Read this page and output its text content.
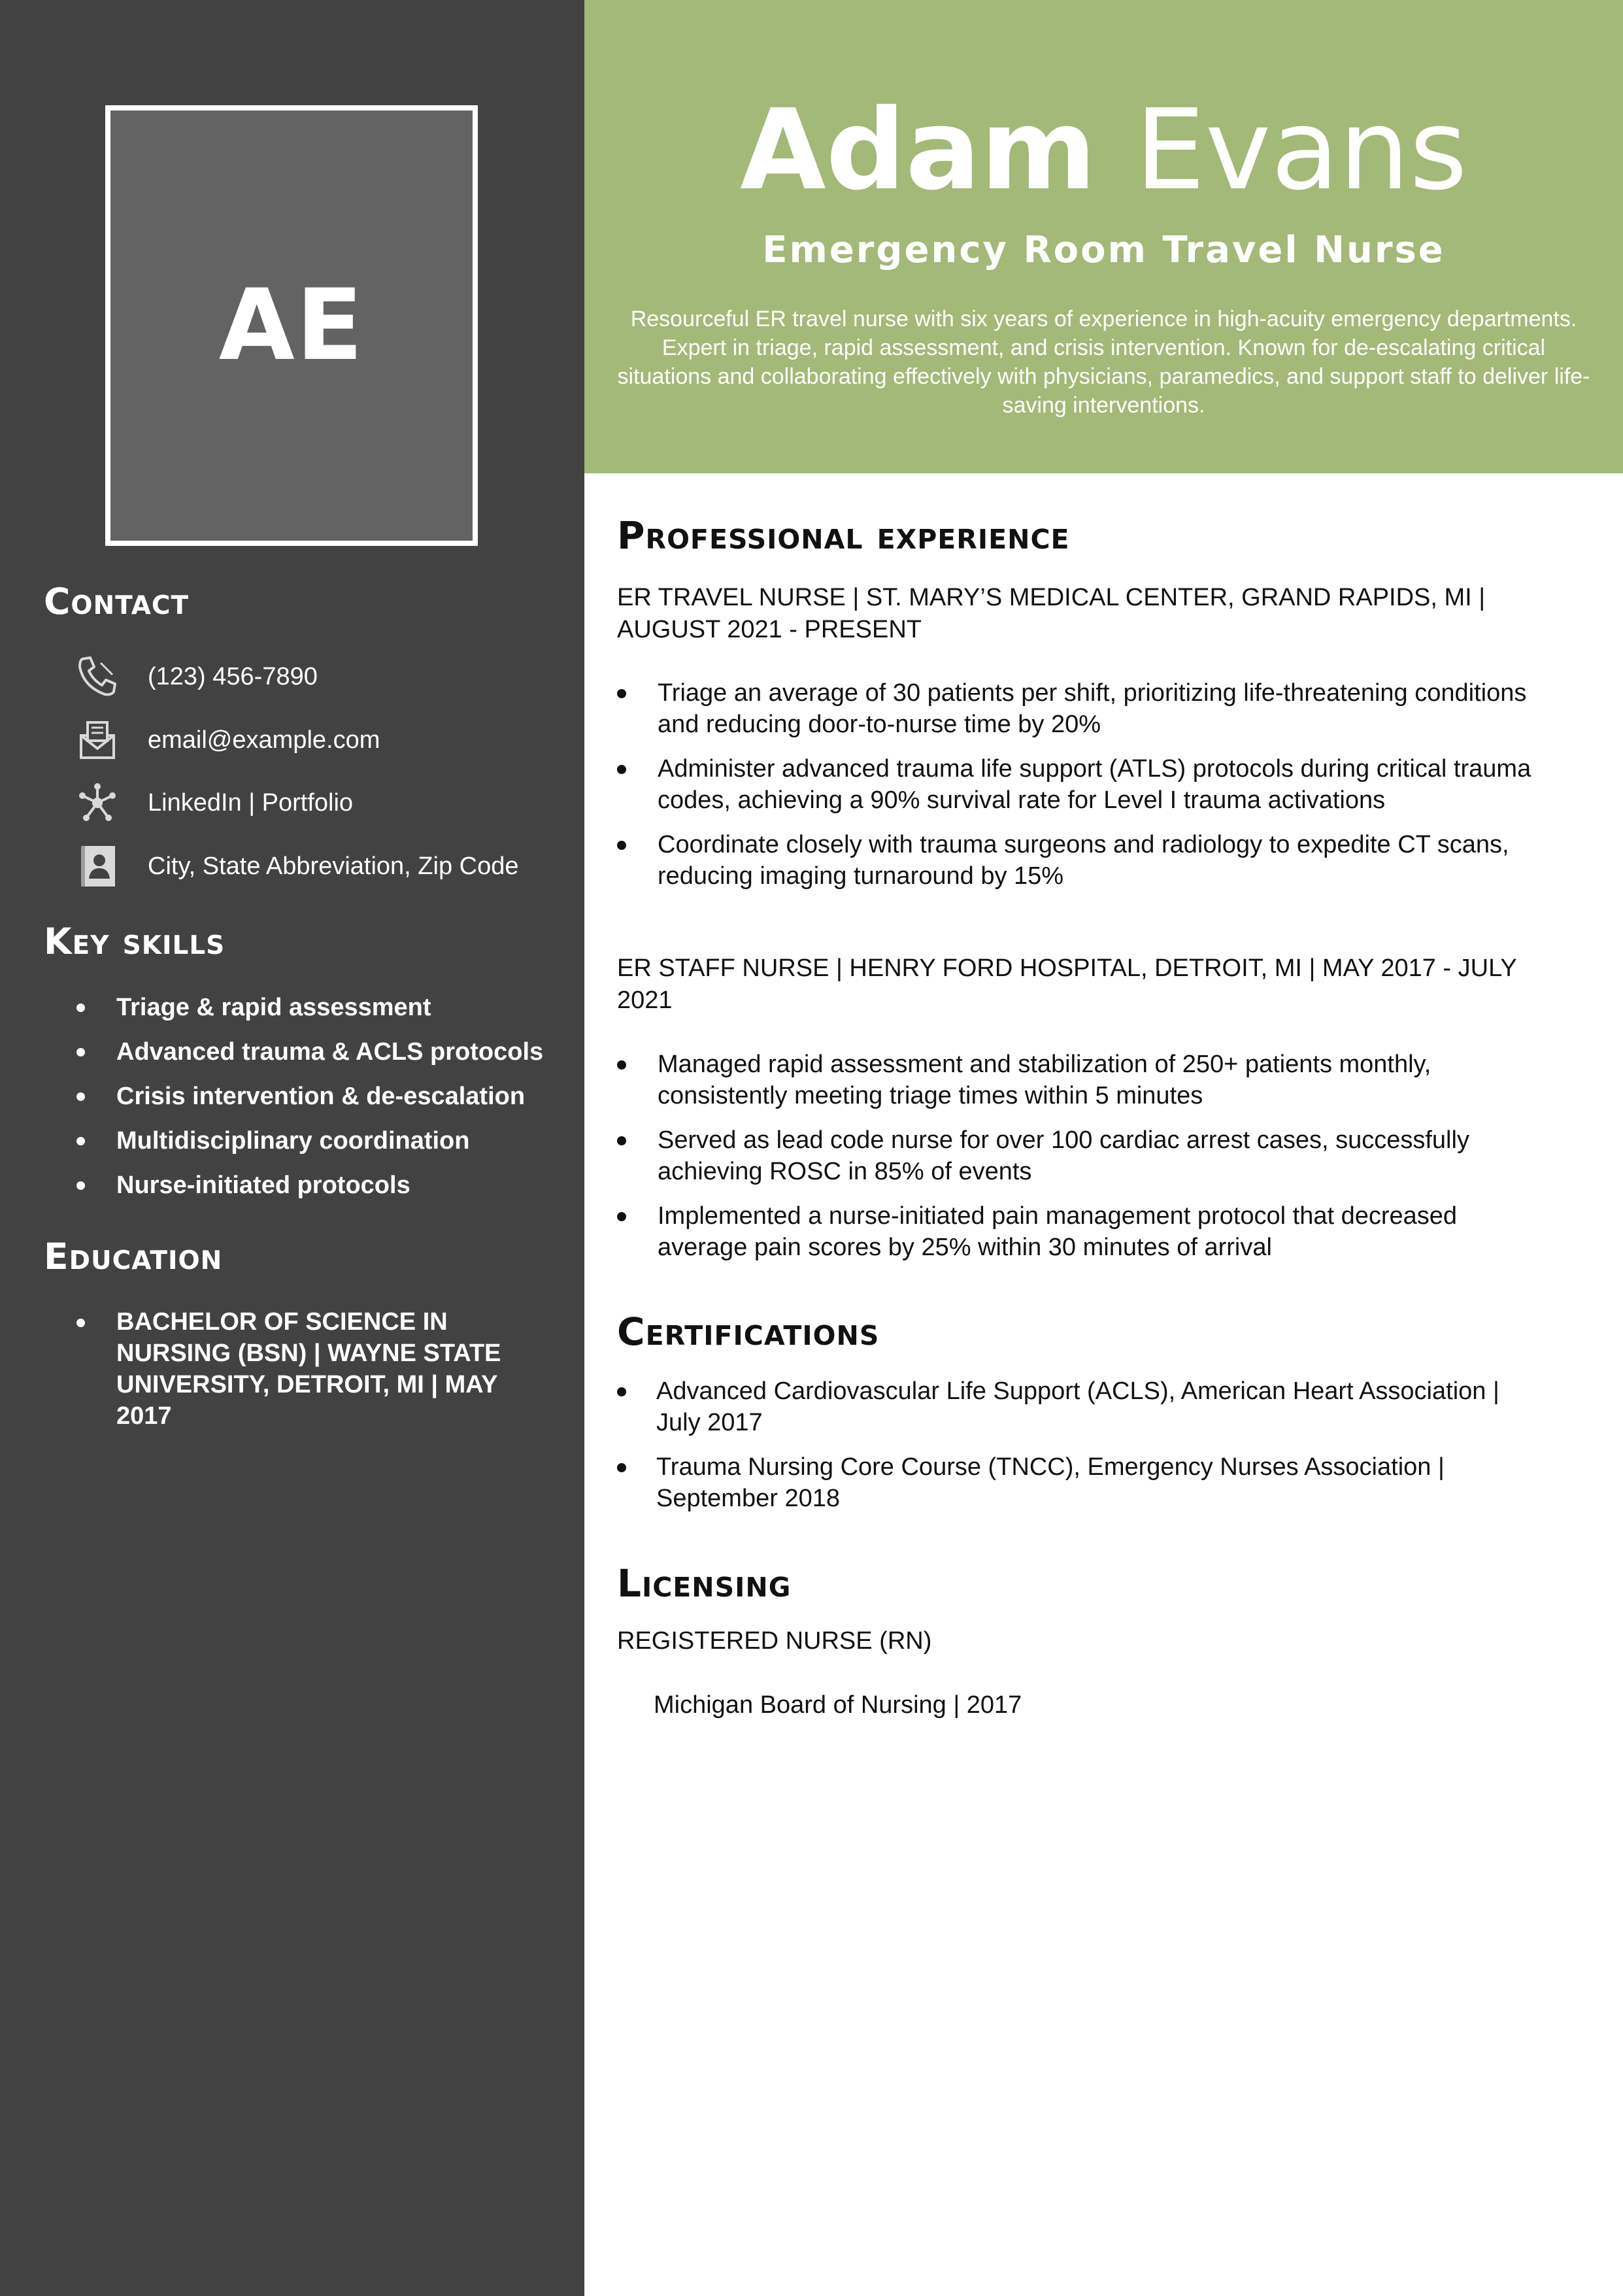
AE
Contact
(123) 456-7890
email@example.com
LinkedIn | Portfolio
City, State Abbreviation, Zip Code
Key skills
Triage & rapid assessment
Advanced trauma & ACLS protocols
Crisis intervention & de-escalation
Multidisciplinary coordination
Nurse-initiated protocols
Education
BACHELOR OF SCIENCE IN NURSING (BSN) | WAYNE STATE UNIVERSITY, DETROIT, MI | MAY 2017
Adam Evans
Emergency Room Travel Nurse

Resourceful ER travel nurse with six years of experience in high-acuity emergency departments. Expert in triage, rapid assessment, and crisis intervention. Known for de-escalating critical situations and collaborating effectively with physicians, paramedics, and support staff to deliver life-saving interventions.

Professional experience

ER TRAVEL NURSE | ST. MARY’S MEDICAL CENTER, GRAND RAPIDS, MI | AUGUST 2021 - PRESENT

Triage an average of 30 patients per shift, prioritizing life-threatening conditions and reducing door-to-nurse time by 20%
Administer advanced trauma life support (ATLS) protocols during critical trauma codes, achieving a 90% survival rate for Level I trauma activations
Coordinate closely with trauma surgeons and radiology to expedite CT scans, reducing imaging turnaround by 15%

ER STAFF NURSE | HENRY FORD HOSPITAL, DETROIT, MI | MAY 2017 - JULY 2021

Managed rapid assessment and stabilization of 250+ patients monthly, consistently meeting triage times within 5 minutes
Served as lead code nurse for over 100 cardiac arrest cases, successfully achieving ROSC in 85% of events
Implemented a nurse-initiated pain management protocol that decreased average pain scores by 25% within 30 minutes of arrival
Certifications
Advanced Cardiovascular Life Support (ACLS), American Heart Association | July 2017
Trauma Nursing Core Course (TNCC), Emergency Nurses Association | September 2018
Licensing

REGISTERED NURSE (RN)

Michigan Board of Nursing | 2017
